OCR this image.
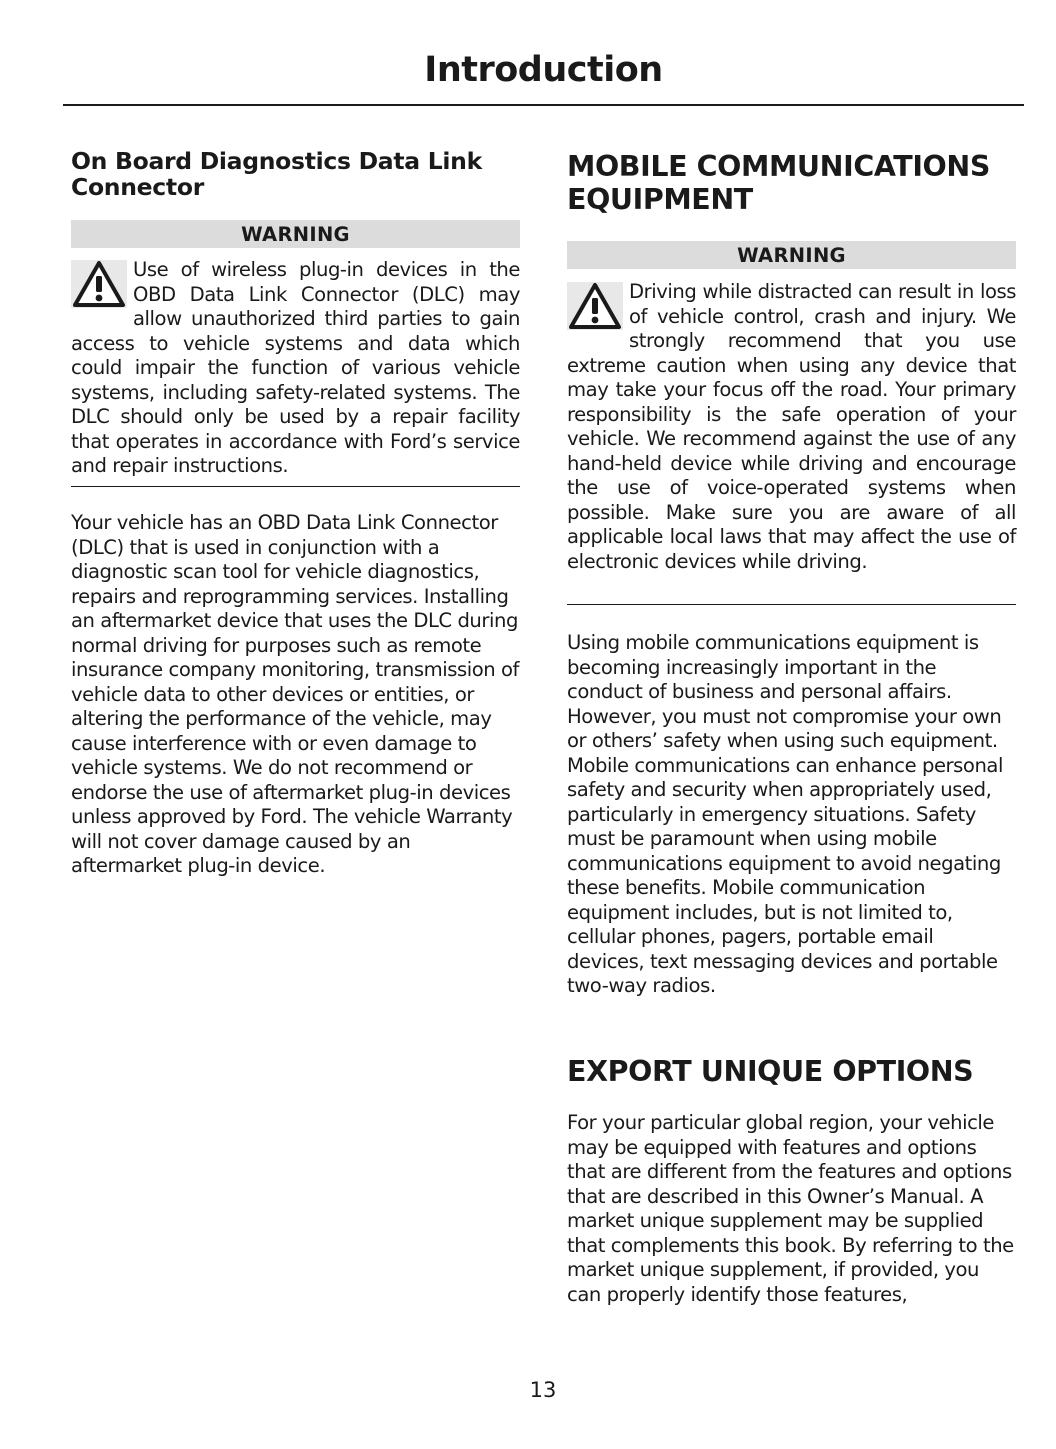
Introduction
On Board Diagnostics Data Link Connector
WARNING

Use of wireless plug-in devices in the OBD Data Link Connector (DLC) may allow unauthorized third parties to gain access to vehicle systems and data which could impair the function of various vehicle systems, including safety-related systems. The DLC should only be used by a repair facility that operates in accordance with Ford’s service and repair instructions.

Your vehicle has an OBD Data Link Connector (DLC) that is used in conjunction with a diagnostic scan tool for vehicle diagnostics, repairs and reprogramming services. Installing an aftermarket device that uses the DLC during normal driving for purposes such as remote insurance company monitoring, transmission of vehicle data to other devices or entities, or altering the performance of the vehicle, may cause interference with or even damage to vehicle systems. We do not recommend or endorse the use of aftermarket plug-in devices unless approved by Ford. The vehicle Warranty will not cover damage caused by an aftermarket plug-in device.

MOBILE COMMUNICATIONS EQUIPMENT
WARNING

Driving while distracted can result in loss of vehicle control, crash and injury. We strongly recommend that you use extreme caution when using any device that may take your focus off the road. Your primary responsibility is the safe operation of your vehicle. We recommend against the use of any hand-held device while driving and encourage the use of voice-operated systems when possible. Make sure you are aware of all applicable local laws that may affect the use of electronic devices while driving.

Using mobile communications equipment is becoming increasingly important in the conduct of business and personal affairs. However, you must not compromise your own or others’ safety when using such equipment. Mobile communications can enhance personal safety and security when appropriately used, particularly in emergency situations. Safety must be paramount when using mobile communications equipment to avoid negating these benefits. Mobile communication equipment includes, but is not limited to, cellular phones, pagers, portable email devices, text messaging devices and portable two-way radios.

EXPORT UNIQUE OPTIONS

For your particular global region, your vehicle may be equipped with features and options that are different from the features and options that are described in this Owner’s Manual. A market unique supplement may be supplied that complements this book. By referring to the market unique supplement, if provided, you can properly identify those features,

13
